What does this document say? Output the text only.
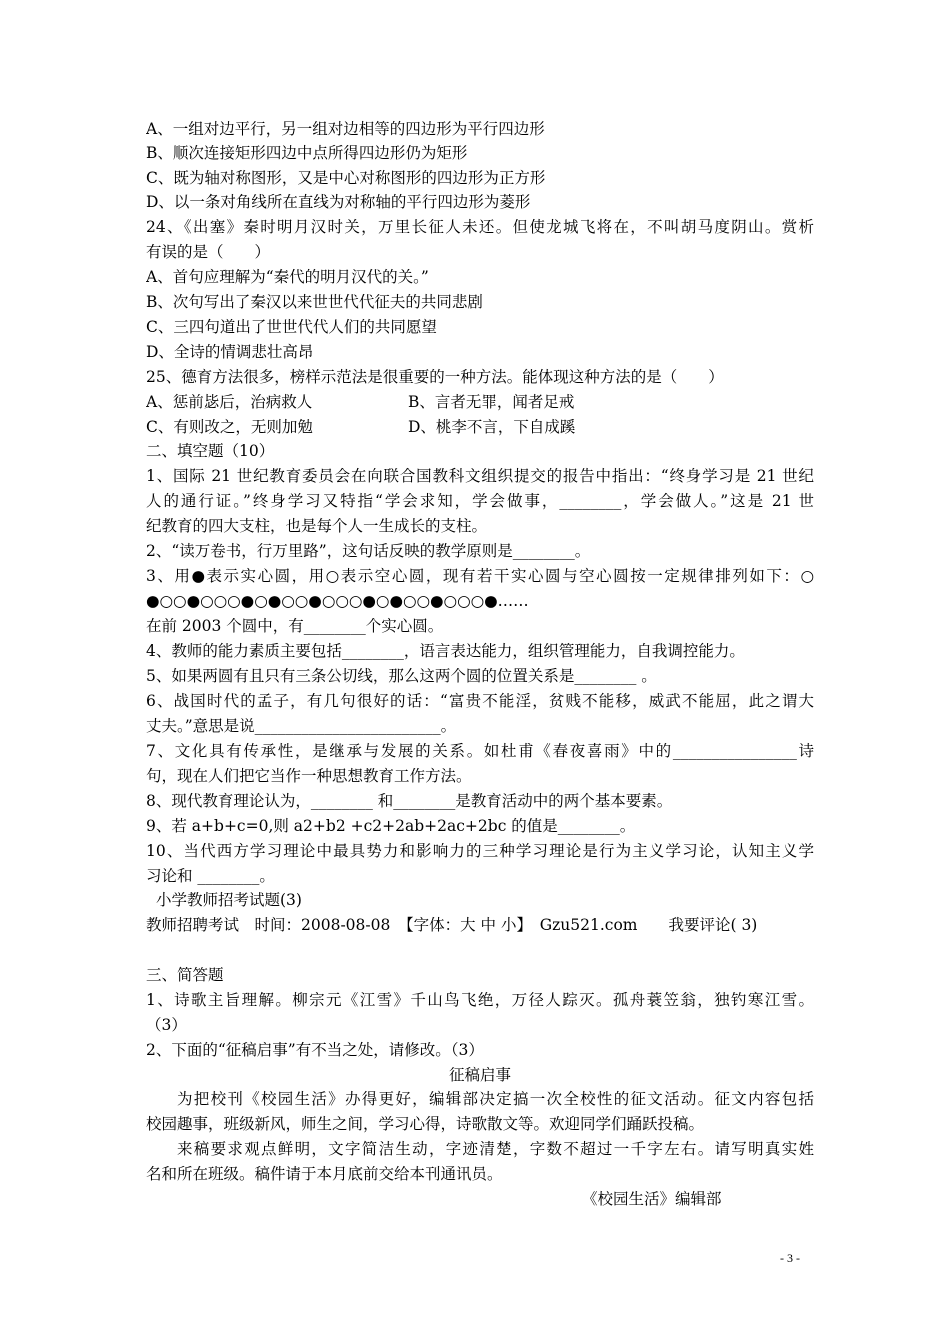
A、一组对边平行，另一组对边相等的四边形为平行四边形
B、顺次连接矩形四边中点所得四边形仍为矩形
C、既为轴对称图形，又是中心对称图形的四边形为正方形
D、以一条对角线所在直线为对称轴的平行四边形为菱形
24、《出塞》秦时明月汉时关，万里长征人未还。但使龙城飞将在，不叫胡马度阴山。赏析
有误的是（　　）
A、首句应理解为“秦代的明月汉代的关。”
B、次句写出了秦汉以来世世代代征夫的共同悲剧
C、三四句道出了世世代代人们的共同愿望
D、全诗的情调悲壮高昂
25、德育方法很多，榜样示范法是很重要的一种方法。能体现这种方法的是（　　）
A、惩前毖后，治病救人	B、言者无罪，闻者足戒
C、有则改之，无则加勉	D、桃李不言，下自成蹊
二、填空题（10）
1、国际 21 世纪教育委员会在向联合国教科文组织提交的报告中指出：“终身学习是 21 世纪
人的通行证。”终身学习又特指“学会求知，学会做事，________，学会做人。”这是 21 世
纪教育的四大支柱，也是每个人一生成长的支柱。
2、“读万卷书，行万里路”，这句话反映的教学原则是________。
3、用●表示实心圆，用○表示空心圆，现有若干实心圆与空心圆按一定规律排列如下：○
●○○●○○○●○●○○●○○○●○●○○●○○○●……
在前 2003 个圆中，有________个实心圆。
4、教师的能力素质主要包括________，语言表达能力，组织管理能力，自我调控能力。
5、如果两圆有且只有三条公切线，那么这两个圆的位置关系是________ 。
6、战国时代的孟子，有几句很好的话：“富贵不能淫，贫贱不能移，威武不能屈，此之谓大
丈夫。”意思是说________________________。
7、文化具有传承性，是继承与发展的关系。如杜甫《春夜喜雨》中的________________诗
句，现在人们把它当作一种思想教育工作方法。
8、现代教育理论认为，________ 和________是教育活动中的两个基本要素。
9、若 a+b+c=0,则 a2+b2 +c2+2ab+2ac+2bc 的值是________。
10、当代西方学习理论中最具势力和影响力的三种学习理论是行为主义学习论，认知主义学
习论和 ________。
小学教师招考试题(3)
教师招聘考试　时间：2008-08-08　【字体：大 中 小】　Gzu521.com　　我要评论( 3)
三、简答题
1、诗歌主旨理解。柳宗元《江雪》千山鸟飞绝，万径人踪灭。孤舟蓑笠翁，独钓寒江雪。
（3）
2、下面的“征稿启事”有不当之处，请修改。（3）
征稿启事
为把校刊《校园生活》办得更好，编辑部决定搞一次全校性的征文活动。征文内容包括
校园趣事，班级新风，师生之间，学习心得，诗歌散文等。欢迎同学们踊跃投稿。
来稿要求观点鲜明，文字简洁生动，字迹清楚，字数不超过一千字左右。请写明真实姓
名和所在班级。稿件请于本月底前交给本刊通讯员。
《校园生活》编辑部
- 3 -
